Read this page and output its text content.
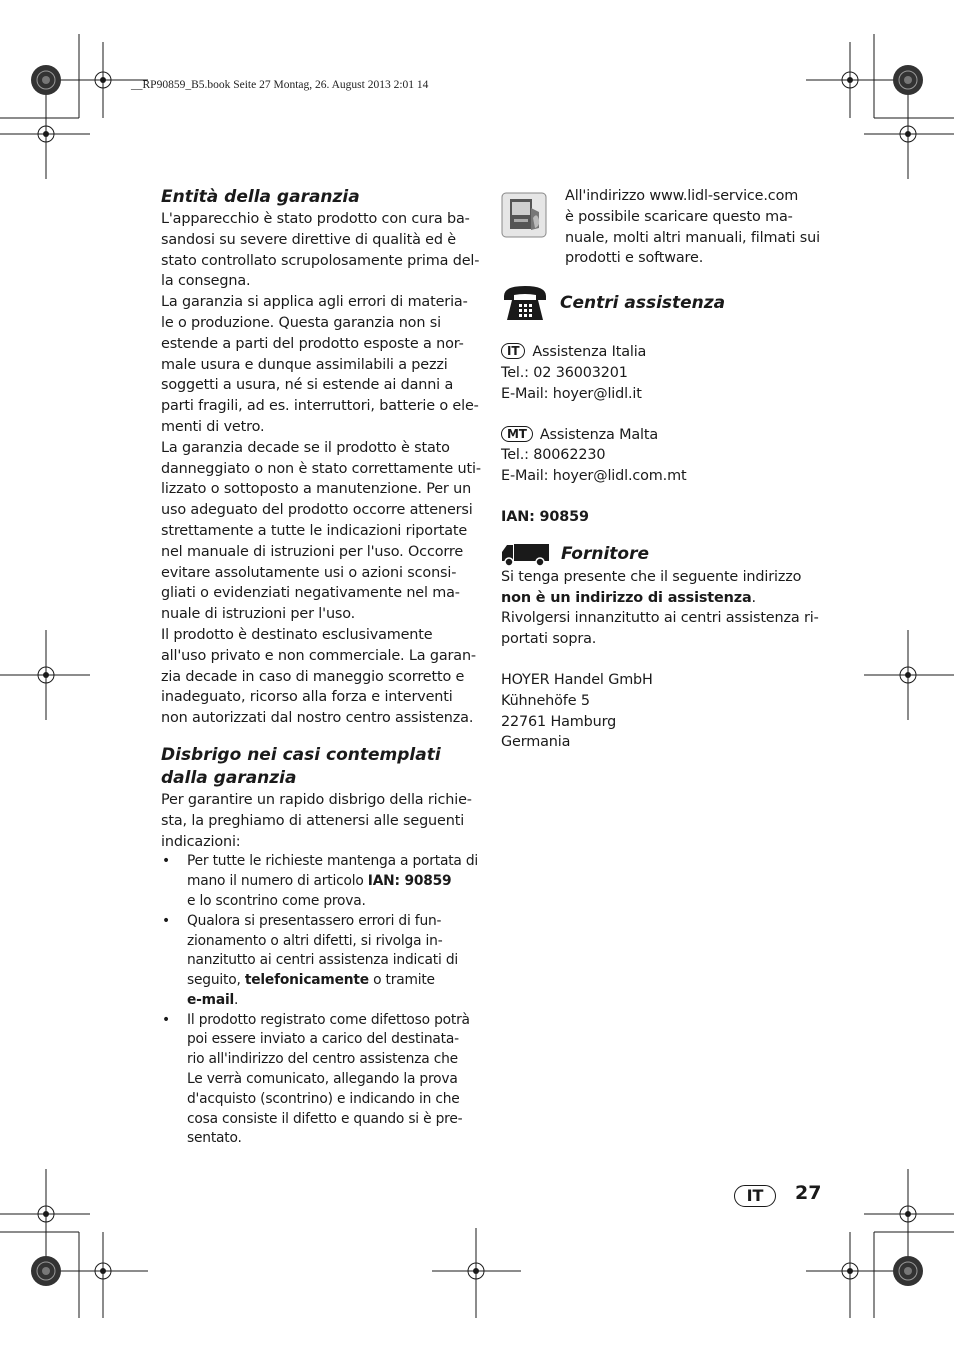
__RP90859_B5.book Seite 27 Montag, 26. August 2013 2:01 14
Entità della garanzia
L'apparecchio è stato prodotto con cura ba-
sandosi su severe direttive di qualità ed è
stato controllato scrupolosamente prima del-
la consegna.
La garanzia si applica agli errori di materia-
le o produzione. Questa garanzia non si
estende a parti del prodotto esposte a nor-
male usura e dunque assimilabili a pezzi
soggetti a usura, né si estende ai danni a
parti fragili, ad es. interruttori, batterie o ele-
menti di vetro.
La garanzia decade se il prodotto è stato
danneggiato o non è stato correttamente uti-
lizzato o sottoposto a manutenzione. Per un
uso adeguato del prodotto occorre attenersi
strettamente a tutte le indicazioni riportate
nel manuale di istruzioni per l'uso. Occorre
evitare assolutamente usi o azioni sconsi-
gliati o evidenziati negativamente nel ma-
nuale di istruzioni per l'uso.
Il prodotto è destinato esclusivamente
all'uso privato e non commerciale. La garan-
zia decade in caso di maneggio scorretto e
inadeguato, ricorso alla forza e interventi
non autorizzati dal nostro centro assistenza.
Disbrigo nei casi contemplati
dalla garanzia
Per garantire un rapido disbrigo della richie-
sta, la preghiamo di attenersi alle seguenti
indicazioni:
• Per tutte le richieste mantenga a portata di
mano il numero di articolo IAN: 90859
e lo scontrino come prova.
• Qualora si presentassero errori di fun-
zionamento o altri difetti, si rivolga in-
nanzitutto ai centri assistenza indicati di
seguito, telefonicamente o tramite
e-mail.
• Il prodotto registrato come difettoso potrà
poi essere inviato a carico del destinata-
rio all'indirizzo del centro assistenza che
Le verrà comunicato, allegando la prova
d'acquisto (scontrino) e indicando in che
cosa consiste il difetto e quando si è pre-
sentato.
All'indirizzo www.lidl-service.com
è possibile scaricare questo ma-
nuale, molti altri manuali, filmati sui
prodotti e software.
Centri assistenza
IT Assistenza Italia
Tel.: 02 36003201
E-Mail: hoyer@lidl.it
MT Assistenza Malta
Tel.: 80062230
E-Mail: hoyer@lidl.com.mt
IAN: 90859
Fornitore
Si tenga presente che il seguente indirizzo
non è un indirizzo di assistenza.
Rivolgersi innanzitutto ai centri assistenza ri-
portati sopra.
HOYER Handel GmbH
Kühnehöfe 5
22761 Hamburg
Germania
IT	27
